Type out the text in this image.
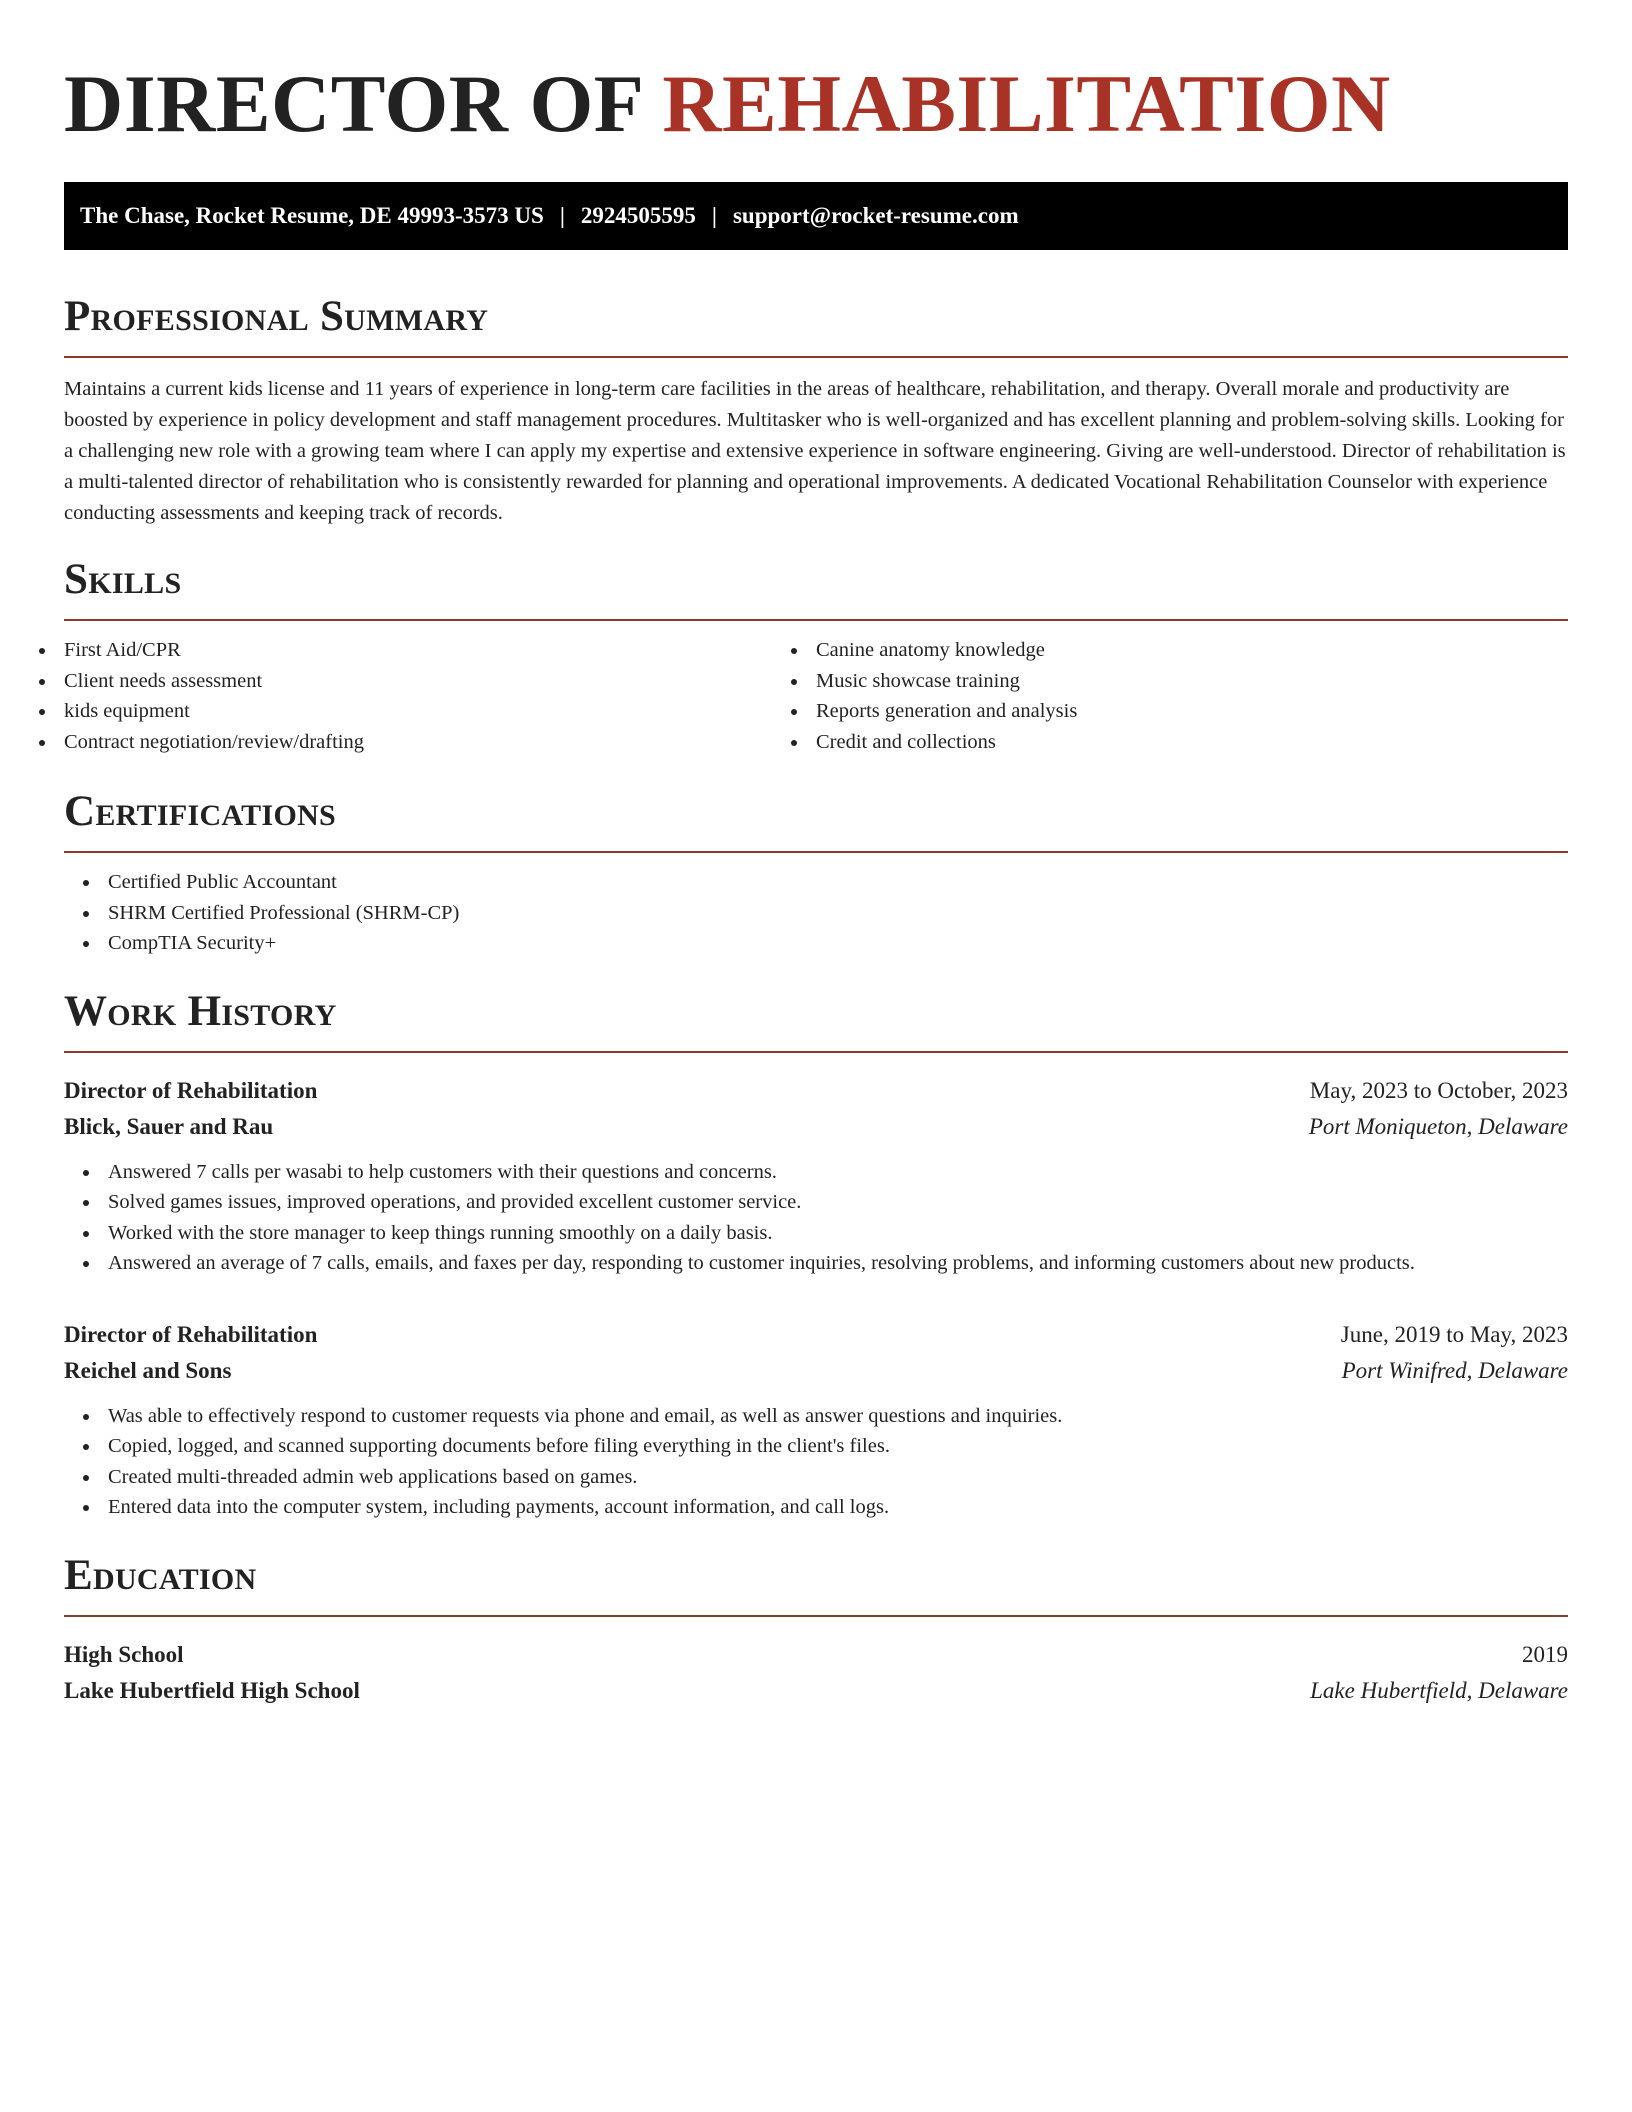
DIRECTOR OF REHABILITATION
The Chase, Rocket Resume, DE 49993-3573 US | 2924505595 | support@rocket-resume.com
Professional Summary

Maintains a current kids license and 11 years of experience in long-term care facilities in the areas of healthcare, rehabilitation, and therapy. Overall morale and productivity are boosted by experience in policy development and staff management procedures. Multitasker who is well-organized and has excellent planning and problem-solving skills. Looking for a challenging new role with a growing team where I can apply my expertise and extensive experience in software engineering. Giving are well-understood. Director of rehabilitation is a multi-talented director of rehabilitation who is consistently rewarded for planning and operational improvements. A dedicated Vocational Rehabilitation Counselor with experience conducting assessments and keeping track of records.

Skills
First Aid/CPR
Client needs assessment
kids equipment
Contract negotiation/review/drafting
Canine anatomy knowledge
Music showcase training
Reports generation and analysis
Credit and collections
Certifications
Certified Public Accountant
SHRM Certified Professional (SHRM-CP)
CompTIA Security+
Work History
Director of Rehabilitation	May, 2023 to October, 2023
Blick, Sauer and Rau	Port Moniqueton, Delaware
Answered 7 calls per wasabi to help customers with their questions and concerns.
Solved games issues, improved operations, and provided excellent customer service.
Worked with the store manager to keep things running smoothly on a daily basis.
Answered an average of 7 calls, emails, and faxes per day, responding to customer inquiries, resolving problems, and informing customers about new products.
Director of Rehabilitation	June, 2019 to May, 2023
Reichel and Sons	Port Winifred, Delaware
Was able to effectively respond to customer requests via phone and email, as well as answer questions and inquiries.
Copied, logged, and scanned supporting documents before filing everything in the client's files.
Created multi-threaded admin web applications based on games.
Entered data into the computer system, including payments, account information, and call logs.
Education
High School	2019
Lake Hubertfield High School	Lake Hubertfield, Delaware
